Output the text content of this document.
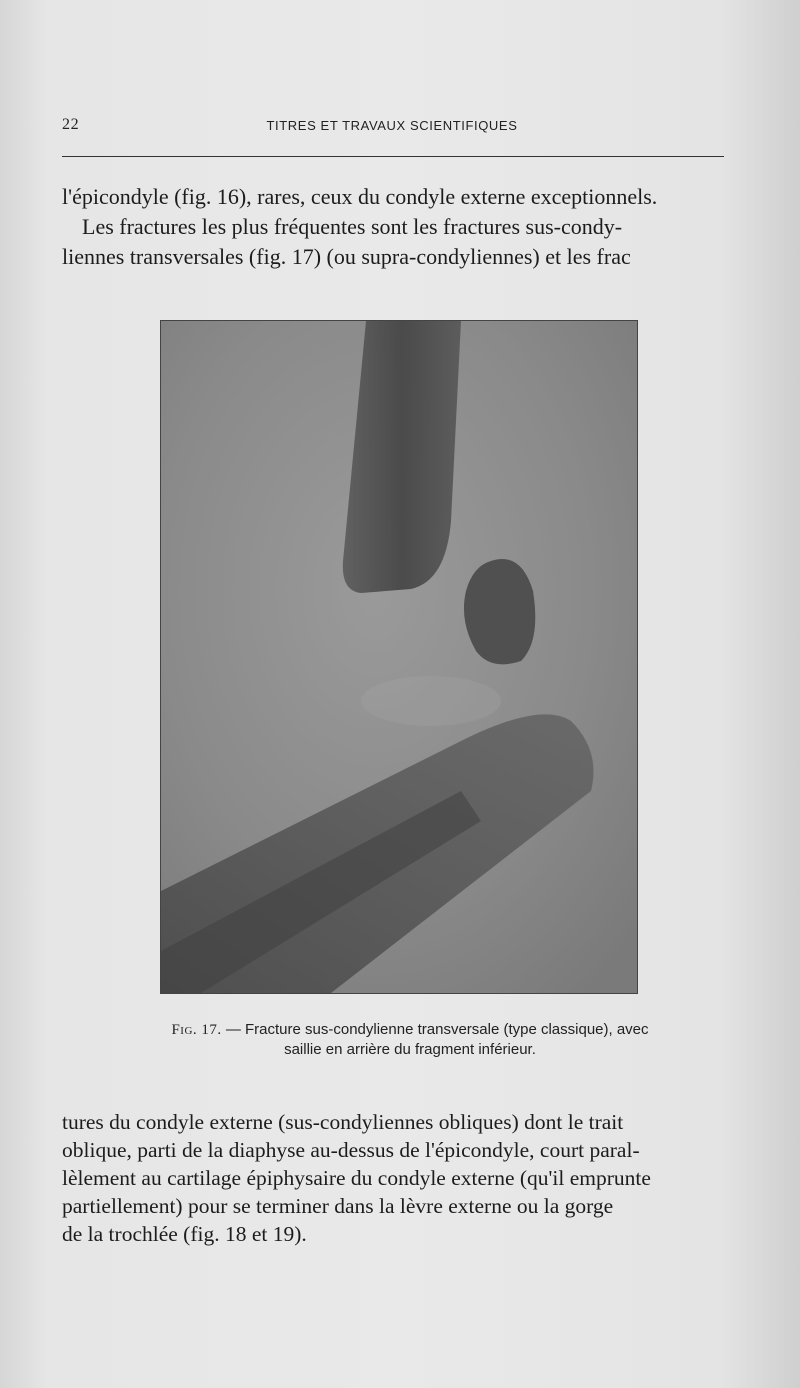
22	TITRES ET TRAVAUX SCIENTIFIQUES

l'épicondyle (fig. 16), rares, ceux du condyle externe exceptionnels.

Les fractures les plus fréquentes sont les fractures sus-condy-

liennes transversales (fig. 17) (ou supra-condyliennes) et les frac

Fig. 17. — Fracture sus-condylienne transversale (type classique), avec
saillie en arrière du fragment inférieur.
tures du condyle externe (sus-condyliennes obliques) dont le trait
oblique, parti de la diaphyse au-dessus de l'épicondyle, court paral-
lèlement au cartilage épiphysaire du condyle externe (qu'il emprunte
partiellement) pour se terminer dans la lèvre externe ou la gorge
de la trochlée (fig. 18 et 19).
